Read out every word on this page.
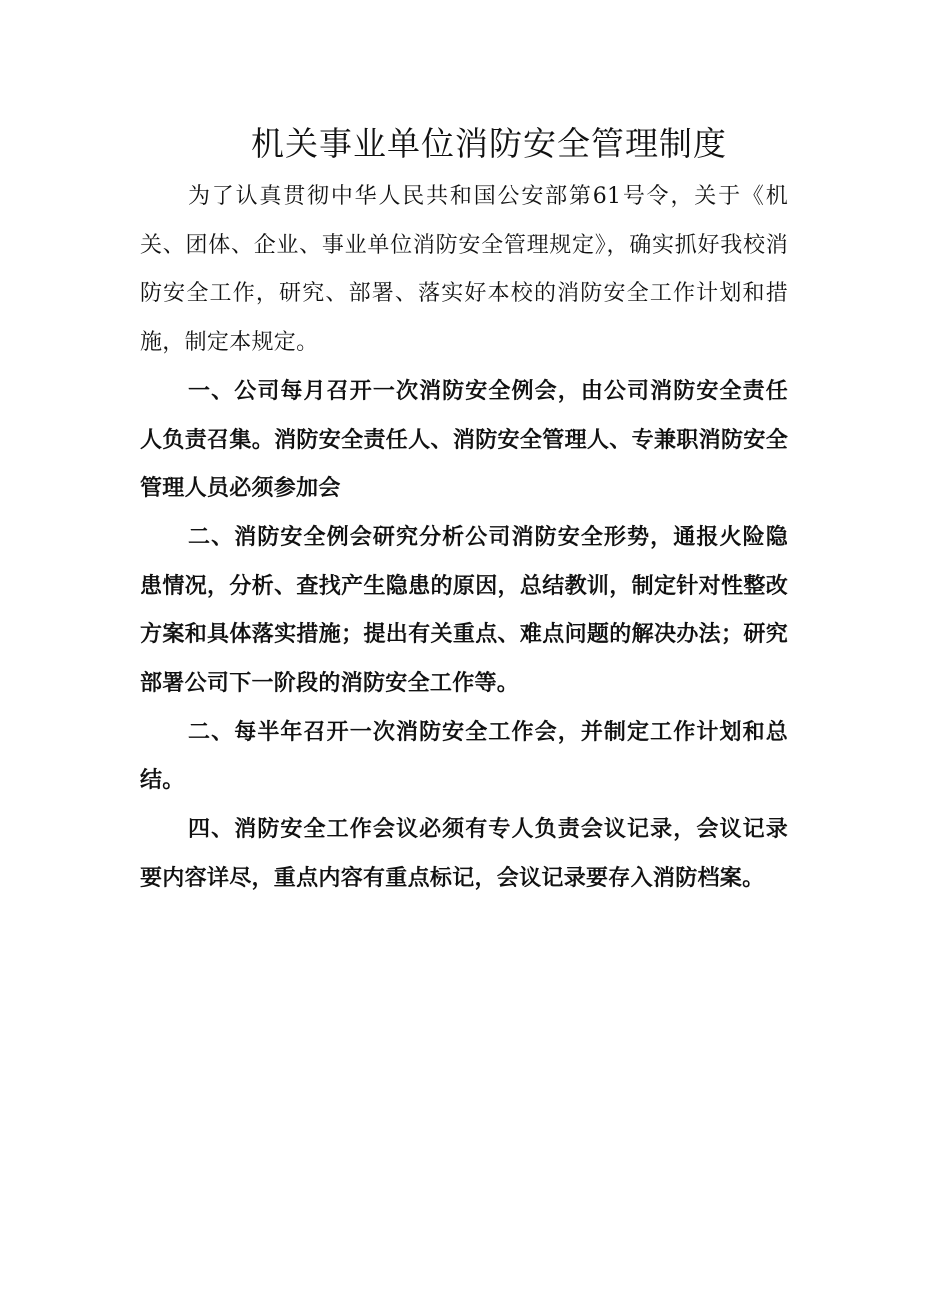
机关事业单位消防安全管理制度

为了认真贯彻中华人民共和国公安部第61号令，关于《机关、团体、企业、事业单位消防安全管理规定》，确实抓好我校消防安全工作，研究、部署、落实好本校的消防安全工作计划和措施，制定本规定。

一、公司每月召开一次消防安全例会，由公司消防安全责任人负责召集。消防安全责任人、消防安全管理人、专兼职消防安全管理人员必须参加会

二、消防安全例会研究分析公司消防安全形势，通报火险隐患情况，分析、查找产生隐患的原因，总结教训，制定针对性整改方案和具体落实措施；提出有关重点、难点问题的解决办法；研究部署公司下一阶段的消防安全工作等。

二、每半年召开一次消防安全工作会，并制定工作计划和总结。

四、消防安全工作会议必须有专人负责会议记录，会议记录要内容详尽，重点内容有重点标记，会议记录要存入消防档案。
